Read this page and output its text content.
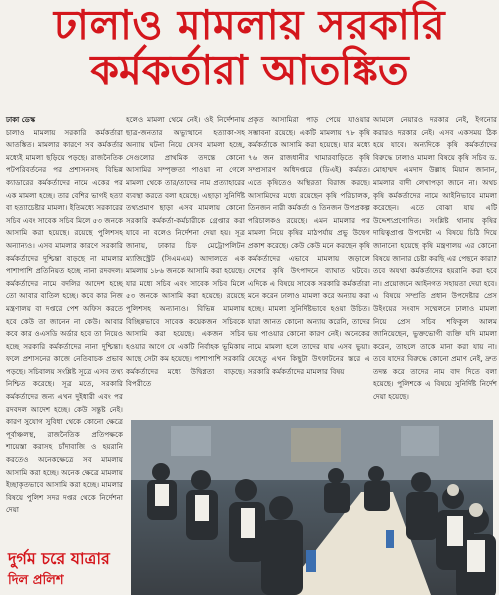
ঢালাও মামলায় সরকারি
কর্মকর্তারা আতঙ্কিত
ঢাকা ডেস্ক
চালাও মামলায় সরকারি কর্মকর্তারা আতঙ্কিত। মামলার কারণে সব কর্মকর্তার মধ্যেই মামলা ছড়িয়ে পড়ছে। রাজনৈতিক পটপরিবর্তনের পর প্রশাসনসহ বিভিন্ন ক্যাডারের কর্মকর্তাদের নামে একের পর এক মামলা হচ্ছে। তার বেশির ভাগই হত্যা বা হত্যাচেষ্টার মামলা। ইতিমধ্যে সরকারের সচিব এবং সাবেক সচিব মিলে ৫৩ জনকে আসামি করা হয়েছে। রয়েছে পুলিশসহ অন্যান্যও। এসব মামলার কারণে সরকারি কর্মকর্তাদের দুশ্চিন্তা বাড়ছে না মামলার পাশাপাশি প্রতিনিয়ত হচ্ছে নানা রদবদল। কর্মকর্তাদের নামে বদলির আদেশ হচ্ছে তো আবার বাতিল হচ্ছে। কবে কার নিজ মন্ত্রণালয় বা দপ্তরে পেশ অফিস করতে হবে কেউ তা জানেন না কেউ। আবার কবে কার ওএসডি অর্ডার হবে তা নিয়েও হচ্ছে সরকারি কর্মকর্তাদের নানা দুশ্চিন্তা। ফলে প্রশাসনের কাজে নেতিবাচক প্রভাব পড়ছে। সচিবালয় সংশ্লিষ্ট সূত্রে এসব তথ্য নিশ্চিত করেছে। সূত্র মতে, সরকারি কর্মকর্তাদের জন্য এখন দুইধারী এবং পর রদবদল আদেশ হচ্ছে। কেউ সন্তুষ্ট নেই। কারণ সুযোগ সুবিধা থেকে কোনো ক্ষেত্রে পূর্বাঞ্চলস্থ, রাজনৈতিক প্রতিপক্ষকে শায়েস্তা করাসহ চাঁদাবাজি ও হয়রানি করতেও অনেকক্ষেত্রে সব মামলায় আসামি করা হচ্ছে। অনেক ক্ষেত্রে মামলায় ইচ্ছাকৃতভাবে আসামি করা হচ্ছে। মামলার বিষয়ে পুলিশ সদর দপ্তর থেকে নির্দেশনা দেয়া
হলেও মামলা থেমে নেই। ওই নির্দেশনায় ছাত্র-জনতার অভ্যুত্থানে হত্যাকা-সহ অন্যায় ঘটনা নিয়ে যেসব মামলা হচ্ছে, সেগুলোর প্রাথমিক তদন্তে কোনো আসামির সম্পৃক্ততা পাওয়া না গেলে মামলা থেকে তার/তাদের নাম প্রত্যাহারের ব্যবস্থা করতে বলা হয়েছে। এছাড়া সুনির্দিষ্ট তথ্যপ্রমাণ ছাড়া এসব মামলায় কোনো সরকারি কর্মকর্তা-কর্মচারীকে গ্রেপ্তার করা যাবে না বলেও নির্দেশনা দেয়া হয়। সূত্র জানায়, ঢাকার চিফ মেট্রোপলিটন ম্যাজিস্ট্রেট (সিএমএম) আদালতে এক মামলায় ১৮৬ জনকে আসামি করা হয়েছে। যার মধ্যে সচিব এবং সাবেক সচিব মিলে ৫৩ জনকে আসামি করা হয়েছে। রয়েছে পুলিশসহ অন্যান্যও। বিভিন্ন মামলায় বিচ্ছিন্নভাবে সাবেক কয়েকজন সচিবকে আসামি করা হয়েছে। একজন সচিব হওয়ার আগে যে একটি নির্বাহক ভূমিকায় আছে সেটা কম হয়েছে। পাশাপাশি সরকারি কর্মকর্তাদের মধ্যে উদ্বিগ্নতা বাড়ছে। বিপরীতে
প্রকৃত আসামিরা পাড় পেয়ে যাওয়ার সম্ভাবনা রয়েছে। একটি মামলায় ৭৮ কৃষি কর্মকর্তাকে আসামি করা হয়েছে। যার মধ্যে ৭৬ জন রাজধানীর খামারবাড়িতে কৃষি সম্প্রসারণ অধিদপ্তরে (ডিএই) কর্মরত। এতে কৃষিতেও অস্থিরতা বিরাজ করছে। আসামিদের মধ্যে রয়েছেন কৃষি পরিচালক, তিনজন নারী কর্মকর্তা ও তিনজন উপপ্রকল্প পরিচালকও রয়েছে। এমন মামলার পর মামলা নিয়ে কৃষির মাঠপর্যায় প্রভু উদ্বেগ প্রকাশ করেছে। কেউ কেউ মনে করছেন কৃষি কর্মকর্তাদের এভাবে মামলায় জড়ালে দেশের কৃষি উৎপাদনে ব্যাঘাত ঘটবে। এদিকে এ বিষয়ে সাবেক সরকারি কর্মকর্তারা মনে করেন ঢালাও মামলা করে অন্যায় করা হচ্ছে। মামলা সুনির্দিষ্টভাবে হওয়া উচিত। যারা জানত কোনো অন্যায় করেনি, তাদের ভয় পাওয়ার কোনো কারণ নেই। অনেকের নামে মামলা হলে তাদের যায় এসব ভুয়া। যেহেতু এখন কিছুটা উৎফাটনের স্তরে এ সরকারি কর্মকর্তাদের মামলার বিষয়
আমলে নেয়ারও দরকার নেই, ইগনোর করারও দরকার নেই। এসব একসময় ঠিক হয়ে যাবে। অন্যদিকে কৃষি কর্মকর্তাদের বিরুদ্ধে ঢালাও মামলা বিষয়ে কৃষি সচিব ড. মোহাম্মদ এমদাদ উল্লাহ মিয়ান জানান, মামলার বাদী লেখাপড়া জানে না। অথচ কৃষি কর্মকর্তাদের নামে আইনিভাবে মামলা করেছেন। এতে বোঝা যায় এটি উদ্দেশ্যপ্রণোদিত। সংশ্লিষ্ট থানায় কৃষির দায়িত্বপ্রাপ্ত উপদেষ্টা এ বিষয়ে চিঠি দিয়ে জানানো হয়েছে কৃষি মন্ত্রণালয় এর কোনো বিষয়ে জানার চেষ্টা করছি এর পেছনে কারা? তবে অযথা কর্মকর্তাদের হয়রানি করা হবে না। প্রয়োজনে আইনগত সহায়তা দেয়া হবে। এ বিষয়ে সম্প্রতি প্রধান উপদেষ্টার প্রেস উইংয়ের সংবাদ সম্মেলনে ঢালাও মামলা নিয়ে প্রেস সচিব শফিকুল আলম জানিয়েছেন, ভুক্তভোগী ব্যক্তি যদি মামলা করেন, তাহলে তাকে মানা করা যায় না। তবে যাদের বিরুদ্ধে কোনো প্রমাণ নেই, দ্রুত তদন্ত করে তাদের নাম বাদ দিতে বলা হয়েছে। পুলিশকে এ বিষয়ে সুনির্দিষ্ট নির্দেশ দেয়া হয়েছে।
দুর্গম চরে যাত্রার
দিল প্রলিশ
